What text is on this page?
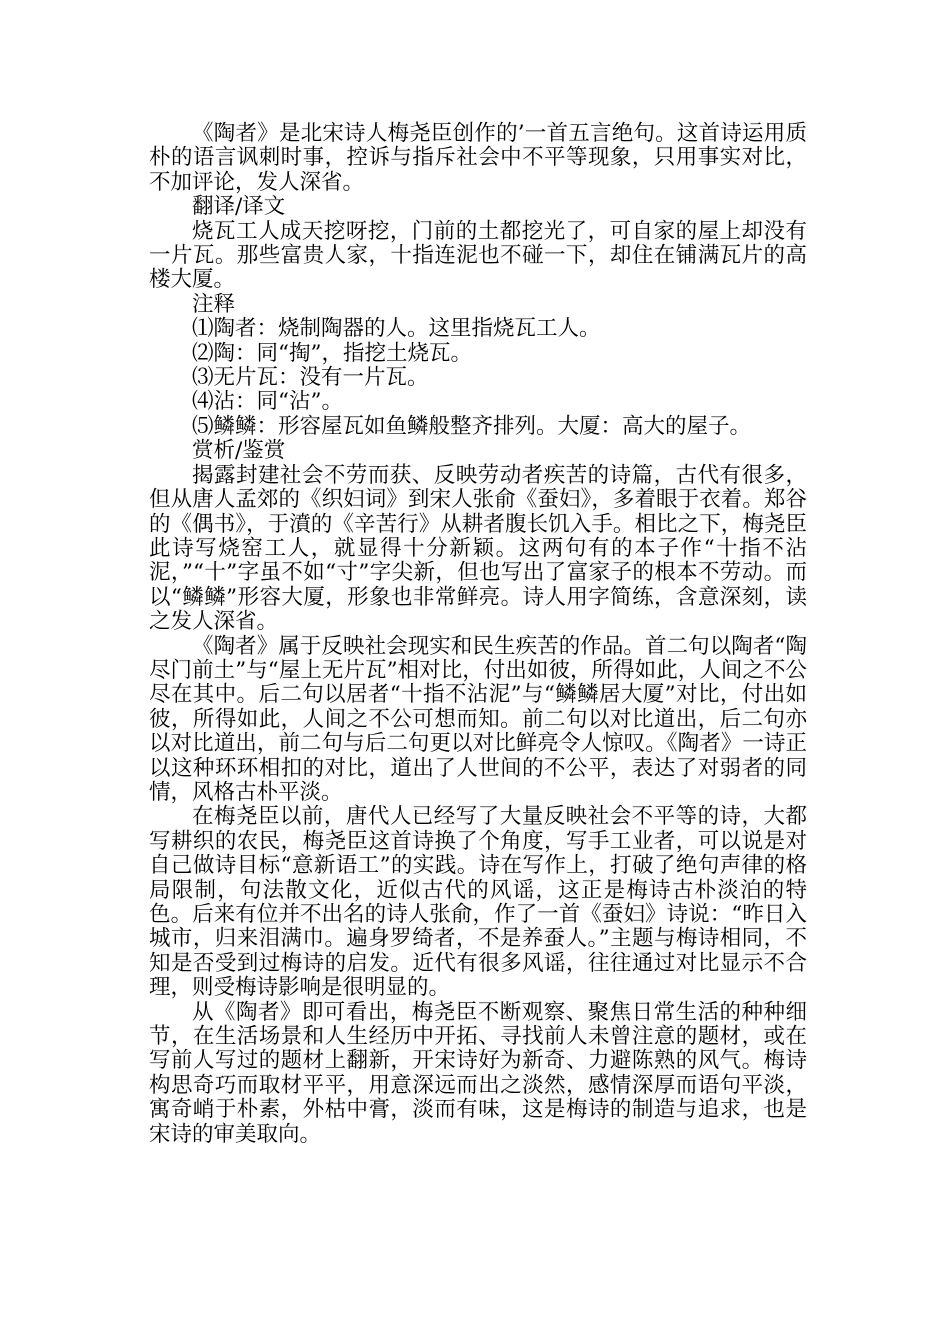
《陶者》是北宋诗人梅尧臣创作的’一首五言绝句。这首诗运用质朴的语言讽刺时事，控诉与指斥社会中不平等现象，只用事实对比，不加评论，发人深省。

翻译/译文

烧瓦工人成天挖呀挖，门前的土都挖光了，可自家的屋上却没有一片瓦。那些富贵人家，十指连泥也不碰一下，却住在铺满瓦片的高楼大厦。

注释

⑴陶者：烧制陶器的人。这里指烧瓦工人。

⑵陶：同“掏”，指挖土烧瓦。

⑶无片瓦：没有一片瓦。

⑷沾：同“沾”。

⑸鳞鳞：形容屋瓦如鱼鳞般整齐排列。大厦：高大的屋子。

赏析/鉴赏

揭露封建社会不劳而获、反映劳动者疾苦的诗篇，古代有很多，但从唐人孟郊的《织妇词》到宋人张俞《蚕妇》，多着眼于衣着。郑谷的《偶书》，于濆的《辛苦行》从耕者腹长饥入手。相比之下，梅尧臣此诗写烧窑工人，就显得十分新颖。这两句有的本子作“十指不沾泥，”“十”字虽不如“寸”字尖新，但也写出了富家子的根本不劳动。而以“鳞鳞”形容大厦，形象也非常鲜亮。诗人用字简练，含意深刻，读之发人深省。

《陶者》属于反映社会现实和民生疾苦的作品。首二句以陶者“陶尽门前土”与“屋上无片瓦”相对比，付出如彼，所得如此，人间之不公尽在其中。后二句以居者“十指不沾泥”与“鳞鳞居大厦”对比，付出如彼，所得如此，人间之不公可想而知。前二句以对比道出，后二句亦以对比道出，前二句与后二句更以对比鲜亮令人惊叹。《陶者》一诗正以这种环环相扣的对比，道出了人世间的不公平，表达了对弱者的同情，风格古朴平淡。

在梅尧臣以前，唐代人已经写了大量反映社会不平等的诗，大都写耕织的农民，梅尧臣这首诗换了个角度，写手工业者，可以说是对自己做诗目标“意新语工”的实践。诗在写作上，打破了绝句声律的格局限制，句法散文化，近似古代的风谣，这正是梅诗古朴淡泊的特色。后来有位并不出名的诗人张俞，作了一首《蚕妇》诗说：“昨日入城市，归来泪满巾。遍身罗绮者，不是养蚕人。”主题与梅诗相同，不知是否受到过梅诗的启发。近代有很多风谣，往往通过对比显示不合理，则受梅诗影响是很明显的。

从《陶者》即可看出，梅尧臣不断观察、聚焦日常生活的种种细节，在生活场景和人生经历中开拓、寻找前人未曾注意的题材，或在写前人写过的题材上翻新，开宋诗好为新奇、力避陈熟的风气。梅诗构思奇巧而取材平平，用意深远而出之淡然，感情深厚而语句平淡，寓奇峭于朴素，外枯中膏，淡而有味，这是梅诗的制造与追求，也是宋诗的审美取向。
